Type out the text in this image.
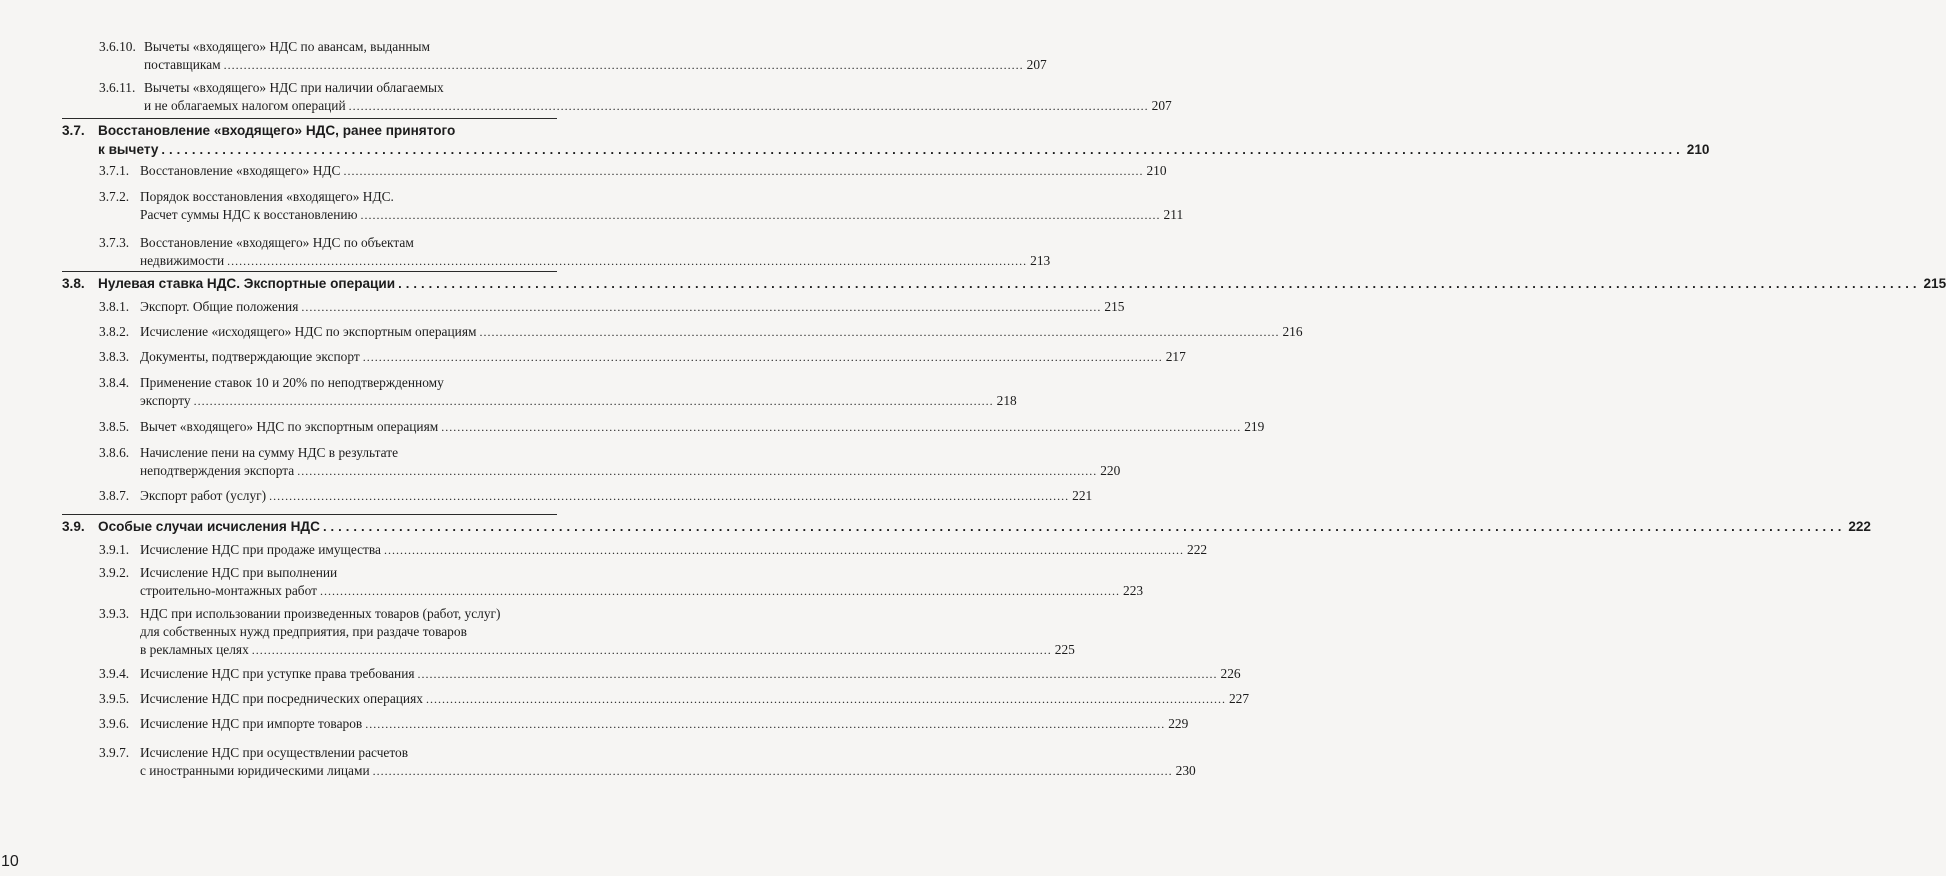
3.6.10. Вычеты «входящего» НДС по авансам, выданным
поставщикам ........................................................................................................................................................................................................ 207
3.6.11. Вычеты «входящего» НДС при наличии облагаемых
и не облагаемых налогом операций ........................................................................................................................................................................................................ 207
3.7. Восстановление «входящего» НДС, ранее принятого
к вычету ........................................................................................................................................................................................................ 210
3.7.1. Восстановление «входящего» НДС ........................................................................................................................................................................................................ 210
3.7.2. Порядок восстановления «входящего» НДС.
Расчет суммы НДС к восстановлению ........................................................................................................................................................................................................ 211
3.7.3. Восстановление «входящего» НДС по объектам
недвижимости ........................................................................................................................................................................................................ 213
3.8. Нулевая ставка НДС. Экспортные операции ........................................................................................................................................................................................................ 215
3.8.1. Экспорт. Общие положения ........................................................................................................................................................................................................ 215
3.8.2. Исчисление «исходящего» НДС по экспортным операциям ........................................................................................................................................................................................................ 216
3.8.3. Документы, подтверждающие экспорт ........................................................................................................................................................................................................ 217
3.8.4. Применение ставок 10 и 20% по неподтвержденному
экспорту ........................................................................................................................................................................................................ 218
3.8.5. Вычет «входящего» НДС по экспортным операциям ........................................................................................................................................................................................................ 219
3.8.6. Начисление пени на сумму НДС в результате
неподтверждения экспорта ........................................................................................................................................................................................................ 220
3.8.7. Экспорт работ (услуг) ........................................................................................................................................................................................................ 221
3.9. Особые случаи исчисления НДС ........................................................................................................................................................................................................ 222
3.9.1. Исчисление НДС при продаже имущества ........................................................................................................................................................................................................ 222
3.9.2. Исчисление НДС при выполнении
строительно-монтажных работ ........................................................................................................................................................................................................ 223
3.9.3. НДС при использовании произведенных товаров (работ, услуг)
для собственных нужд предприятия, при раздаче товаров
в рекламных целях ........................................................................................................................................................................................................ 225
3.9.4. Исчисление НДС при уступке права требования ........................................................................................................................................................................................................ 226
3.9.5. Исчисление НДС при посреднических операциях ........................................................................................................................................................................................................ 227
3.9.6. Исчисление НДС при импорте товаров ........................................................................................................................................................................................................ 229
3.9.7. Исчисление НДС при осуществлении расчетов
с иностранными юридическими лицами ........................................................................................................................................................................................................ 230
10
